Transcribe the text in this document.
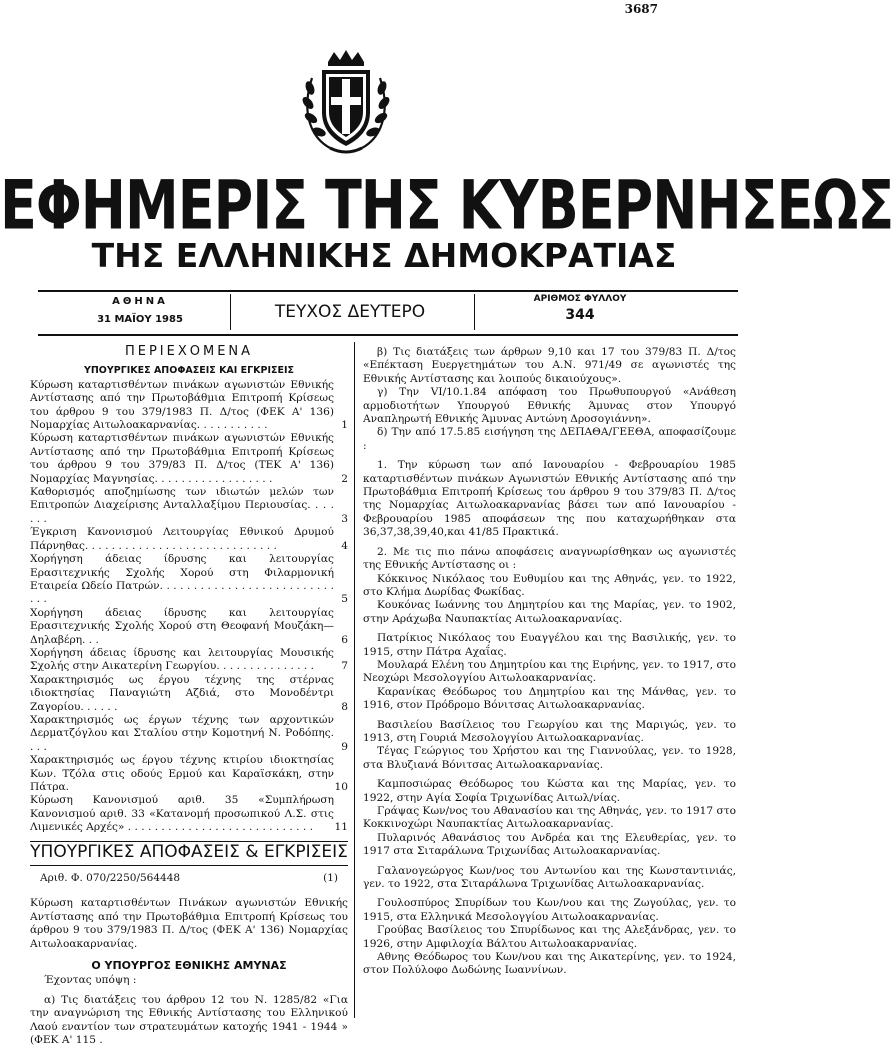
3687
ΕΦΗΜΕΡΙΣ ΤΗΣ ΚΥΒΕΡΝΗΣΕΩΣ
ΤΗΣ ΕΛΛΗΝΙΚΗΣ ΔΗΜΟΚΡΑΤΙΑΣ
ΑΘΗΝΑ
31 ΜΑΪΟΥ 1985	ΤΕΥΧΟΣ ΔΕΥΤΕΡΟ
ΑΡΙΘΜΟΣ ΦΥΛΛΟΥ
344

ΠΕΡΙΕΧΟΜΕΝΑ

ΥΠΟΥΡΓΙΚΕΣ ΑΠΟΦΑΣΕΙΣ ΚΑΙ ΕΓΚΡΙΣΕΙΣ

Κύρωση καταρτισθέντων πινάκων αγωνιστών Εθνικής Αντίστασης από την Πρωτοβάθμια Επιτροπή Κρίσεως του άρθρου 9 του 379/1983 Π. Δ/τος (ΦΕΚ Α' 136) Νομαρχίας Αιτωλοακαρνανίας. . . . . . . . . . .	1
Κύρωση καταρτισθέντων πινάκων αγωνιστών Εθνικής Αντίστασης από την Πρωτοβάθμια Επιτροπή Κρίσεως του άρθρου 9 του 379/83 Π. Δ/τος (ΤΕΚ Α' 136) Νομαρχίας Μαγνησίας. . . . . . . . . . . . . . . . . .	2
Καθορισμός αποζημίωσης των ιδιωτών μελών των Επιτροπών Διαχείρισης Ανταλλαξίμου Περιουσίας. . . . . . .	3
Έγκριση Κανονισμού Λειτουργίας Εθνικού Δρυμού Πάρνηθας. . . . . . . . . . . . . . . . . . . . . . . . . . . . .	4
Χορήγηση άδειας ίδρυσης και λειτουργίας Ερασιτεχνικής Σχολής Χορού στη Φιλαρμονική Εταιρεία Ωδείο Πατρών. . . . . . . . . . . . . . . . . . . . . . . . . . . . .	5
Χορήγηση άδειας ίδρυσης και λειτουργίας Ερασιτεχνικής Σχολής Χορού στη Θεοφανή Μουζάκη—Δηλαβέρη. . .	6
Χορήγηση άδειας ίδρυσης και λειτουργίας Μουσικής Σχολής στην Αικατερίνη Γεωργίου. . . . . . . . . . . . . . .	7
Χαρακτηρισμός ως έργου τέχνης της στέρνας ιδιοκτησίας Παναγιώτη Αζδιά, στο Μονοδέντρι Ζαγορίου. . . . . .	8
Χαρακτηρισμός ως έργων τέχνης των αρχοντικών Δερματζόγλου και Σταλίου στην Κομοτηνή Ν. Ροδόπης. . . .	9
Χαρακτηρισμός ως έργου τέχνης κτιρίου ιδιοκτησίας Κων. Τζόλα στις οδούς Ερμού και Καραϊσκάκη, στην Πάτρα.	10
Κύρωση Κανονισμού αριθ. 35 «Συμπλήρωση Κανονισμού αριθ. 33 «Κατανομή προσωπικού Λ.Σ. στις Λιμενικές Αρχές» . . . . . . . . . . . . . . . . . . . . . . . . . . . .	11

ΥΠΟΥΡΓΙΚΕΣ ΑΠΟΦΑΣΕΙΣ & ΕΓΚΡΙΣΕΙΣ

Αριθ. Φ. 070/2250/564448	(1)

Κύρωση καταρτισθέντων Πινάκων αγωνιστών Εθνικής Αντίστασης από την Πρωτοβάθμια Επιτροπή Κρίσεως του άρθρου 9 του 379/1983 Π. Δ/τος (ΦΕΚ Α' 136) Νομαρχίας Αιτωλοακαρνανίας.

Ο ΥΠΟΥΡΓΟΣ ΕΘΝΙΚΗΣ ΑΜΥΝΑΣ

Έχοντας υπόψη :

α) Τις διατάξεις του άρθρου 12 του Ν. 1285/82 «Για την αναγνώριση της Εθνικής Αντίστασης του Ελληνικού Λαού εναντίον των στρατευμάτων κατοχής 1941 - 1944 » (ΦΕΚ Α' 115 .

β) Τις διατάξεις των άρθρων 9,10 και 17 του 379/83 Π. Δ/τος «Επέκταση Ευεργετημάτων του Α.Ν. 971/49 σε αγωνιστές της Εθνικής Αντίστασης και λοιπούς δικαιούχους».

γ) Την VI/10.1.84 απόφαση του Πρωθυπουργού «Ανάθεση αρμοδιοτήτων Υπουργού Εθνικής Άμυνας στον Υπουργό Αναπληρωτή Εθνικής Άμυνας Αντώνη Δροσογιάννη».

δ) Την από 17.5.85 εισήγηση της ΔΕΠΑΘΑ/ΓΕΕΘΑ, αποφασίζουμε :

1. Την κύρωση των από Ιανουαρίου - Φεβρουαρίου 1985 καταρτισθέντων πινάκων Αγωνιστών Εθνικής Αντίστασης από την Πρωτοβάθμια Επιτροπή Κρίσεως του άρθρου 9 του 379/83 Π. Δ/τος της Νομαρχίας Αιτωλοακαρνανίας βάσει των από Ιανουαρίου - Φεβρουαρίου 1985 αποφάσεων της που καταχωρήθηκαν στα 36,37,38,39,40,και 41/85 Πρακτικά.

2. Με τις πιο πάνω αποφάσεις αναγνωρίσθηκαν ως αγωνιστές της Εθνικής Αντίστασης οι :

Κόκκινος Νικόλαος του Ευθυμίου και της Αθηνάς, γεν. το 1922, στο Κλήμα Δωρίδας Φωκίδας.

Κουκόνας Ιωάννης του Δημητρίου και της Μαρίας, γεν. το 1902, στην Αράχωβα Ναυπακτίας Αιτωλοακαρνανίας.

Πατρίκιος Νικόλαος του Ευαγγέλου και της Βασιλικής, γεν. το 1915, στην Πάτρα Αχαΐας.

Μουλαρά Ελένη του Δημητρίου και της Ειρήνης, γεν. το 1917, στο Νεοχώρι Μεσολογγίου Αιτωλοακαρνανίας.

Καρανίκας Θεόδωρος του Δημητρίου και της Μάνθας, γεν. το 1916, στον Πρόδρομο Βόνιτσας Αιτωλοακαρνανίας.

Βασιλείου Βασίλειος του Γεωργίου και της Μαριγώς, γεν. το 1913, στη Γουριά Μεσολογγίου Αιτωλοακαρνανίας.

Τέγας Γεώργιος του Χρήστου και της Γιαννούλας, γεν. το 1928, στα Βλυζιανά Βόνιτσας Αιτωλοακαρνανίας.

Καμποσιώρας Θεόδωρος του Κώστα και της Μαρίας, γεν. το 1922, στην Αγία Σοφία Τριχωνίδας Αιτωλ/νίας.

Γράψας Κων/νος του Αθανασίου και της Αθηνάς, γεν. το 1917 στο Κοκκινοχώρι Ναυπακτίας Αιτωλοακαρνανίας.

Πυλαρινός Αθανάσιος του Ανδρέα και της Ελευθερίας, γεν. το 1917 στα Σιταράλωνα Τριχωνίδας Αιτωλοακαρνανίας.

Γαλανογεώργος Κων/νος του Αντωνίου και της Κωνσταντινιάς, γεν. το 1922, στα Σιταράλωνα Τριχωνίδας Αιτωλοακαρνανίας.

Γουλοσπύρος Σπυρίδων του Κων/νου και της Ζωγούλας, γεν. το 1915, στα Ελληνικά Μεσολογγίου Αιτωλοακαρνανίας.

Γρούβας Βασίλειος του Σπυρίδωνος και της Αλεξάνδρας, γεν. το 1926, στην Αμφιλοχία Βάλτου Αιτωλοακαρνανίας.

Αθνης Θεόδωρος του Κων/νου και της Αικατερίνης, γεν. το 1924, στον Πολύλοφο Δωδώνης Ιωαννίνων.
